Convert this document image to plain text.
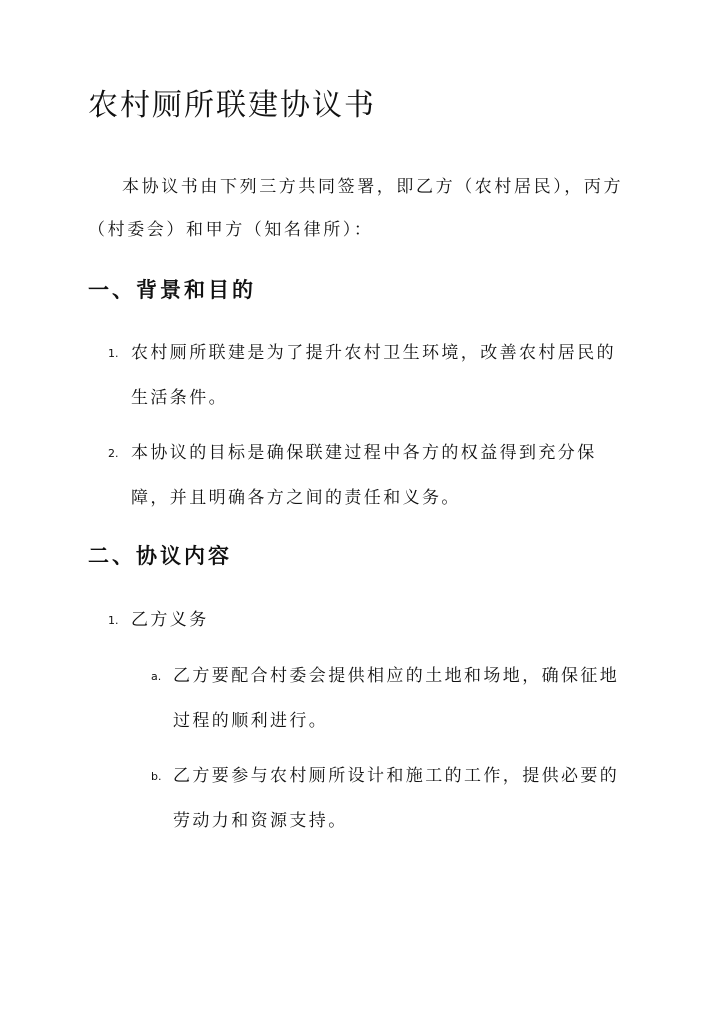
农村厕所联建协议书

本协议书由下列三方共同签署，即乙方（农村居民），丙方（村委会）和甲方（知名律所）：

一、背景和目的
1. 农村厕所联建是为了提升农村卫生环境，改善农村居民的生活条件。
2. 本协议的目标是确保联建过程中各方的权益得到充分保障，并且明确各方之间的责任和义务。
二、协议内容
1. 乙方义务
a. 乙方要配合村委会提供相应的土地和场地，确保征地过程的顺利进行。
b. 乙方要参与农村厕所设计和施工的工作，提供必要的劳动力和资源支持。
